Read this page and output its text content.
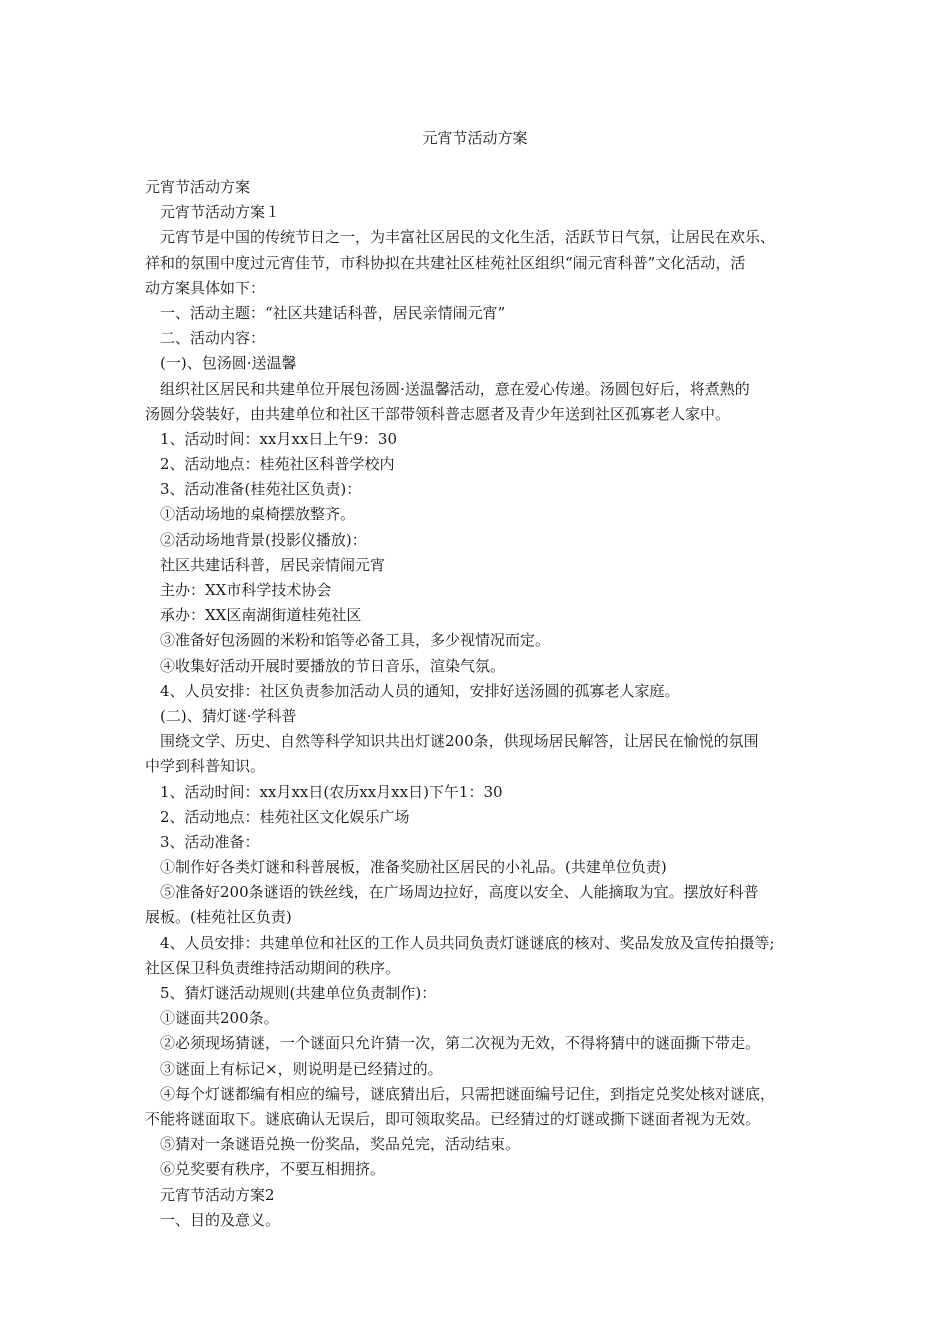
元宵节活动方案

元宵节活动方案

元宵节活动方案１

元宵节是中国的传统节日之一，为丰富社区居民的文化生活，活跃节日气氛，让居民在欢乐、

祥和的氛围中度过元宵佳节，市科协拟在共建社区桂苑社区组织“闹元宵科普”文化活动，活

动方案具体如下：

一、活动主题：“社区共建话科普，居民亲情闹元宵”

二、活动内容：

(一)、包汤圆·送温馨

组织社区居民和共建单位开展包汤圆·送温馨活动，意在爱心传递。汤圆包好后，将煮熟的

汤圆分袋装好，由共建单位和社区干部带领科普志愿者及青少年送到社区孤寡老人家中。

1、活动时间：xx月xx日上午9：30

2、活动地点：桂苑社区科普学校内

3、活动准备(桂苑社区负责)：

①活动场地的桌椅摆放整齐。

②活动场地背景(投影仪播放)：

社区共建话科普，居民亲情闹元宵

主办：XX市科学技术协会

承办：XX区南湖街道桂苑社区

③准备好包汤圆的米粉和馅等必备工具，多少视情况而定。

④收集好活动开展时要播放的节日音乐，渲染气氛。

4、人员安排：社区负责参加活动人员的通知，安排好送汤圆的孤寡老人家庭。

(二)、猜灯谜·学科普

围绕文学、历史、自然等科学知识共出灯谜200条，供现场居民解答，让居民在愉悦的氛围

中学到科普知识。

1、活动时间：xx月xx日(农历xx月xx日)下午1：30

2、活动地点：桂苑社区文化娱乐广场

3、活动准备：

①制作好各类灯谜和科普展板，准备奖励社区居民的小礼品。(共建单位负责)

⑤准备好200条谜语的铁丝线，在广场周边拉好，高度以安全、人能摘取为宜。摆放好科普

展板。(桂苑社区负责)

4、人员安排：共建单位和社区的工作人员共同负责灯谜谜底的核对、奖品发放及宣传拍摄等;

社区保卫科负责维持活动期间的秩序。

5、猜灯谜活动规则(共建单位负责制作)：

①谜面共200条。

②必须现场猜谜，一个谜面只允许猜一次，第二次视为无效，不得将猜中的谜面撕下带走。

③谜面上有标记×，则说明是已经猜过的。

④每个灯谜都编有相应的编号，谜底猜出后，只需把谜面编号记住，到指定兑奖处核对谜底，

不能将谜面取下。谜底确认无误后，即可领取奖品。已经猜过的灯谜或撕下谜面者视为无效。

⑤猜对一条谜语兑换一份奖品，奖品兑完，活动结束。

⑥兑奖要有秩序，不要互相拥挤。

元宵节活动方案2

一、目的及意义。
